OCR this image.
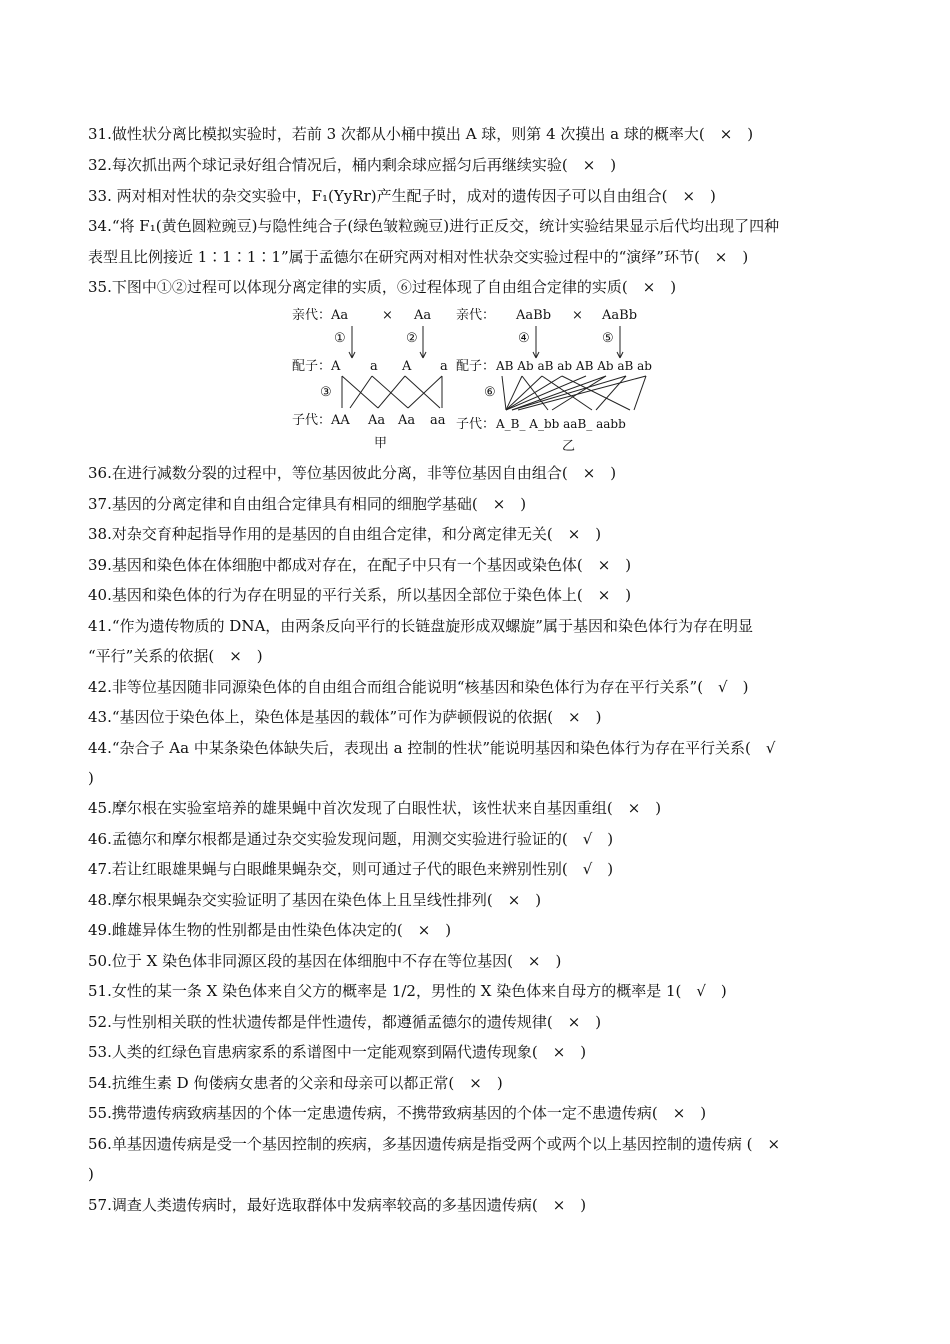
31.做性状分离比模拟实验时，若前 3 次都从小桶中摸出 A 球，则第 4 次摸出 a 球的概率大(　×　)
32.每次抓出两个球记录好组合情况后，桶内剩余球应摇匀后再继续实验(　×　)
33. 两对相对性状的杂交实验中，F₁(YyRr)产生配子时，成对的遗传因子可以自由组合(　×　)
34.“将 F₁(黄色圆粒豌豆)与隐性纯合子(绿色皱粒豌豆)进行正反交，统计实验结果显示后代均出现了四种
表型且比例接近 1∶1∶1∶1”属于孟德尔在研究两对相对性状杂交实验过程中的“演绎”环节(　×　)
35.下图中①②过程可以体现分离定律的实质，⑥过程体现了自由组合定律的实质(　×　)
亲代：Aa	× Aa
①	②
配子：A a A a
③
子代：AA Aa Aa aa
甲
亲代： AaBb × AaBb
④	⑤
配子： AB Ab aB ab AB Ab aB ab
⑥
子代： A_B_ A_bb aaB_ aabb
乙
36.在进行减数分裂的过程中，等位基因彼此分离，非等位基因自由组合(　×　)
37.基因的分离定律和自由组合定律具有相同的细胞学基础(　×　)
38.对杂交育种起指导作用的是基因的自由组合定律，和分离定律无关(　×　)
39.基因和染色体在体细胞中都成对存在，在配子中只有一个基因或染色体(　×　)
40.基因和染色体的行为存在明显的平行关系，所以基因全部位于染色体上(　×　)
41.“作为遗传物质的 DNA，由两条反向平行的长链盘旋形成双螺旋”属于基因和染色体行为存在明显
“平行”关系的依据(　×　)
42.非等位基因随非同源染色体的自由组合而组合能说明“核基因和染色体行为存在平行关系”(　√　)
43.“基因位于染色体上，染色体是基因的载体”可作为萨顿假说的依据(　×　)
44.“杂合子 Aa 中某条染色体缺失后，表现出 a 控制的性状”能说明基因和染色体行为存在平行关系(　√
)
45.摩尔根在实验室培养的雄果蝇中首次发现了白眼性状，该性状来自基因重组(　×　)
46.孟德尔和摩尔根都是通过杂交实验发现问题，用测交实验进行验证的(　√　)
47.若让红眼雄果蝇与白眼雌果蝇杂交，则可通过子代的眼色来辨别性别(　√　)
48.摩尔根果蝇杂交实验证明了基因在染色体上且呈线性排列(　×　)
49.雌雄异体生物的性别都是由性染色体决定的(　×　)
50.位于 X 染色体非同源区段的基因在体细胞中不存在等位基因(　×　)
51.女性的某一条 X 染色体来自父方的概率是 1/2，男性的 X 染色体来自母方的概率是 1(　√　)
52.与性别相关联的性状遗传都是伴性遗传，都遵循孟德尔的遗传规律(　×　)
53.人类的红绿色盲患病家系的系谱图中一定能观察到隔代遗传现象(　×　)
54.抗维生素 D 佝偻病女患者的父亲和母亲可以都正常(　×　)
55.携带遗传病致病基因的个体一定患遗传病，不携带致病基因的个体一定不患遗传病(　×　)
56.单基因遗传病是受一个基因控制的疾病，多基因遗传病是指受两个或两个以上基因控制的遗传病 (　×
)
57.调查人类遗传病时，最好选取群体中发病率较高的多基因遗传病(　×　)
